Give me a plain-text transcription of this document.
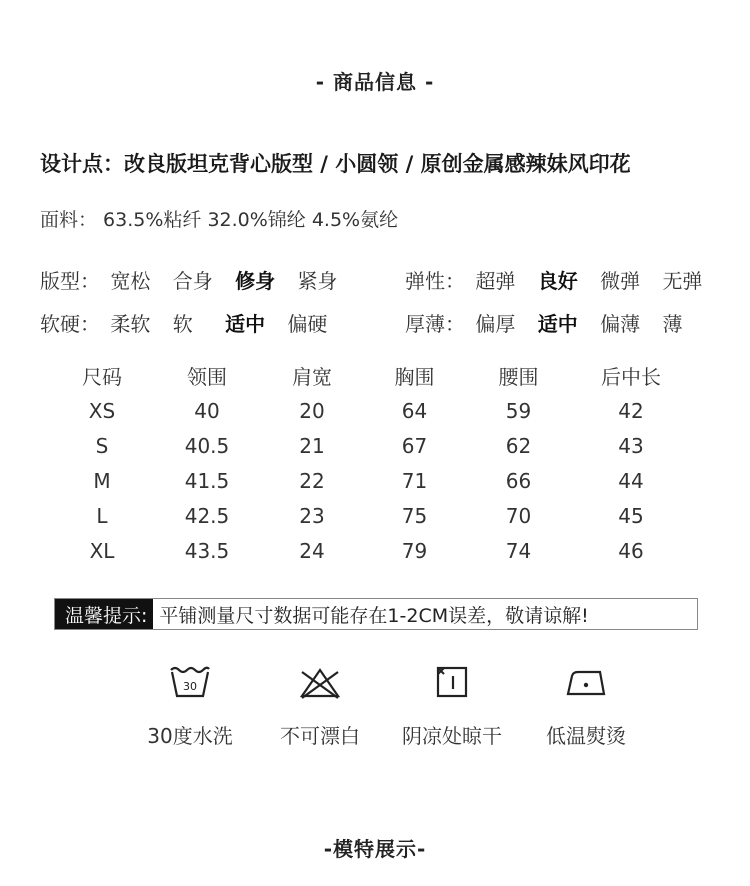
- 商品信息 -
设计点：改良版坦克背心版型 / 小圆领 / 原创金属感辣妹风印花
面料： 63.5%粘纤 32.0%锦纶 4.5%氨纶
版型： 宽松 合身 修身 紧身	弹性： 超弹 良好 微弹 无弹
软硬： 柔软 软 适中 偏硬	厚薄： 偏厚 适中 偏薄 薄
尺码	领围	肩宽	胸围	腰围	后中长
XS	40	20	64	59	42
S	40.5	21	67	62	43
M	41.5	22	71	66	44
L	42.5	23	75	70	45
XL	43.5	24	79	74	46
温馨提示: 平铺测量尺寸数据可能存在1-2CM误差，敬请谅解!
30
30度水洗	不可漂白	阴凉处晾干	低温熨烫
-模特展示-
